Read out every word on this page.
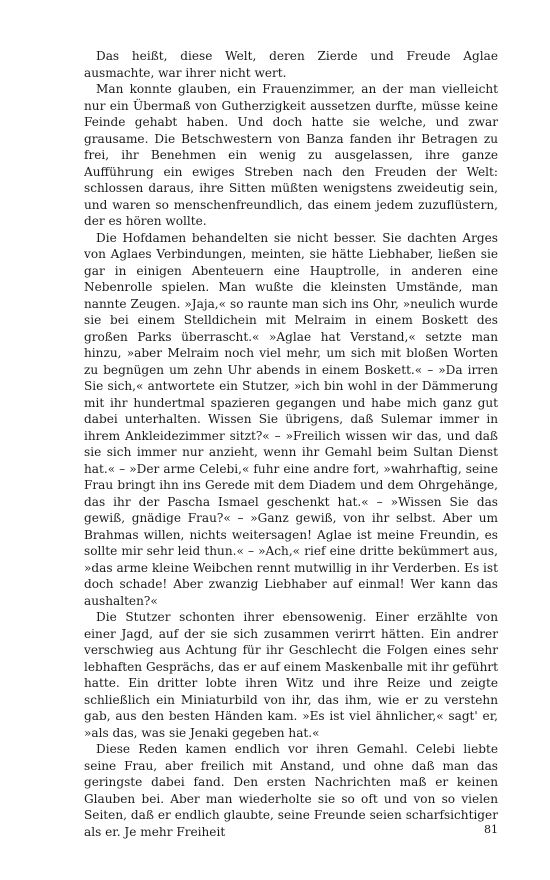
Das heißt, diese Welt, deren Zierde und Freude Aglae ausmachte, war ihrer nicht wert.

Man konnte glauben, ein Frauenzimmer, an der man vielleicht nur ein Übermaß von Gutherzigkeit aussetzen durfte, müsse keine Feinde gehabt haben. Und doch hatte sie welche, und zwar grausame. Die Betschwestern von Banza fanden ihr Betragen zu frei, ihr Benehmen ein wenig zu ausgelassen, ihre ganze Aufführung ein ewiges Streben nach den Freuden der Welt: schlossen daraus, ihre Sitten müßten wenigstens zweideutig sein, und waren so menschenfreundlich, das einem jedem zuzuflüstern, der es hören wollte.

Die Hofdamen behandelten sie nicht besser. Sie dachten Arges von Aglaes Verbindungen, meinten, sie hätte Liebhaber, ließen sie gar in einigen Abenteuern eine Hauptrolle, in anderen eine Nebenrolle spielen. Man wußte die kleinsten Umstände, man nannte Zeugen. »Jaja,« so raunte man sich ins Ohr, »neulich wurde sie bei einem Stelldichein mit Melraim in einem Boskett des großen Parks überrascht.« »Aglae hat Verstand,« setzte man hinzu, »aber Melraim noch viel mehr, um sich mit bloßen Worten zu begnügen um zehn Uhr abends in einem Boskett.« – »Da irren Sie sich,« antwortete ein Stutzer, »ich bin wohl in der Dämmerung mit ihr hundertmal spazieren gegangen und habe mich ganz gut dabei unterhalten. Wissen Sie übrigens, daß Sulemar immer in ihrem Ankleidezimmer sitzt?« – »Freilich wissen wir das, und daß sie sich immer nur anzieht, wenn ihr Gemahl beim Sultan Dienst hat.« – »Der arme Celebi,« fuhr eine andre fort, »wahrhaftig, seine Frau bringt ihn ins Gerede mit dem Diadem und dem Ohrgehänge, das ihr der Pascha Ismael geschenkt hat.« – »Wissen Sie das gewiß, gnädige Frau?« – »Ganz gewiß, von ihr selbst. Aber um Brahmas willen, nichts weitersagen! Aglae ist meine Freundin, es sollte mir sehr leid thun.« – »Ach,« rief eine dritte bekümmert aus, »das arme kleine Weibchen rennt mutwillig in ihr Verderben. Es ist doch schade! Aber zwanzig Liebhaber auf einmal! Wer kann das aushalten?«

Die Stutzer schonten ihrer ebensowenig. Einer erzählte von einer Jagd, auf der sie sich zusammen verirrt hätten. Ein andrer verschwieg aus Achtung für ihr Geschlecht die Folgen eines sehr lebhaften Gesprächs, das er auf einem Maskenballe mit ihr geführt hatte. Ein dritter lobte ihren Witz und ihre Reize und zeigte schließlich ein Miniaturbild von ihr, das ihm, wie er zu verstehn gab, aus den besten Händen kam. »Es ist viel ähnlicher,« sagt' er, »als das, was sie Jenaki gegeben hat.«

Diese Reden kamen endlich vor ihren Gemahl. Celebi liebte seine Frau, aber freilich mit Anstand, und ohne daß man das geringste dabei fand. Den ersten Nachrichten maß er keinen Glauben bei. Aber man wiederholte sie so oft und von so vielen Seiten, daß er endlich glaubte, seine Freunde seien scharfsichtiger als er. Je mehr Freiheit	81
